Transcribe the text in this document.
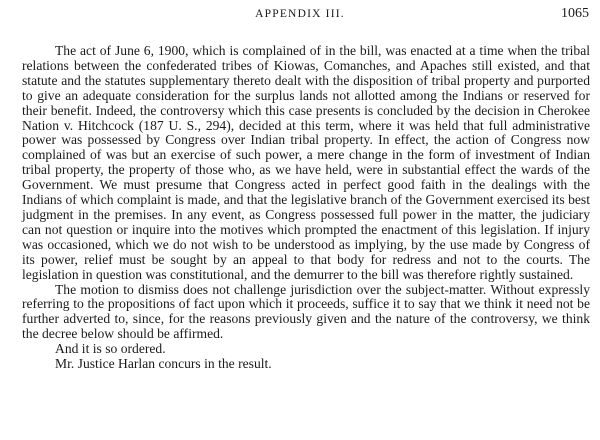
APPENDIX III.	1065

The act of June 6, 1900, which is complained of in the bill, was enacted at a time when the tribal relations between the confederated tribes of Kiowas, Comanches, and Apaches still existed, and that statute and the statutes supplementary thereto dealt with the disposition of tribal property and purported to give an adequate consideration for the surplus lands not allotted among the Indians or reserved for their benefit. Indeed, the controversy which this case presents is concluded by the decision in Cherokee Nation v. Hitchcock (187 U. S., 294), decided at this term, where it was held that full administrative power was possessed by Congress over Indian tribal property. In effect, the action of Congress now complained of was but an exercise of such power, a mere change in the form of investment of Indian tribal property, the property of those who, as we have held, were in substantial effect the wards of the Government. We must presume that Congress acted in perfect good faith in the dealings with the Indians of which complaint is made, and that the legislative branch of the Government exercised its best judgment in the premises. In any event, as Congress possessed full power in the matter, the judiciary can not question or inquire into the motives which prompted the enactment of this legislation. If injury was occasioned, which we do not wish to be understood as implying, by the use made by Congress of its power, relief must be sought by an appeal to that body for redress and not to the courts. The legislation in question was constitutional, and the demurrer to the bill was therefore rightly sustained.

The motion to dismiss does not challenge jurisdiction over the subject-matter. Without expressly referring to the propositions of fact upon which it proceeds, suffice it to say that we think it need not be further adverted to, since, for the reasons previously given and the nature of the controversy, we think the decree below should be affirmed.

And it is so ordered.

Mr. Justice Harlan concurs in the result.
